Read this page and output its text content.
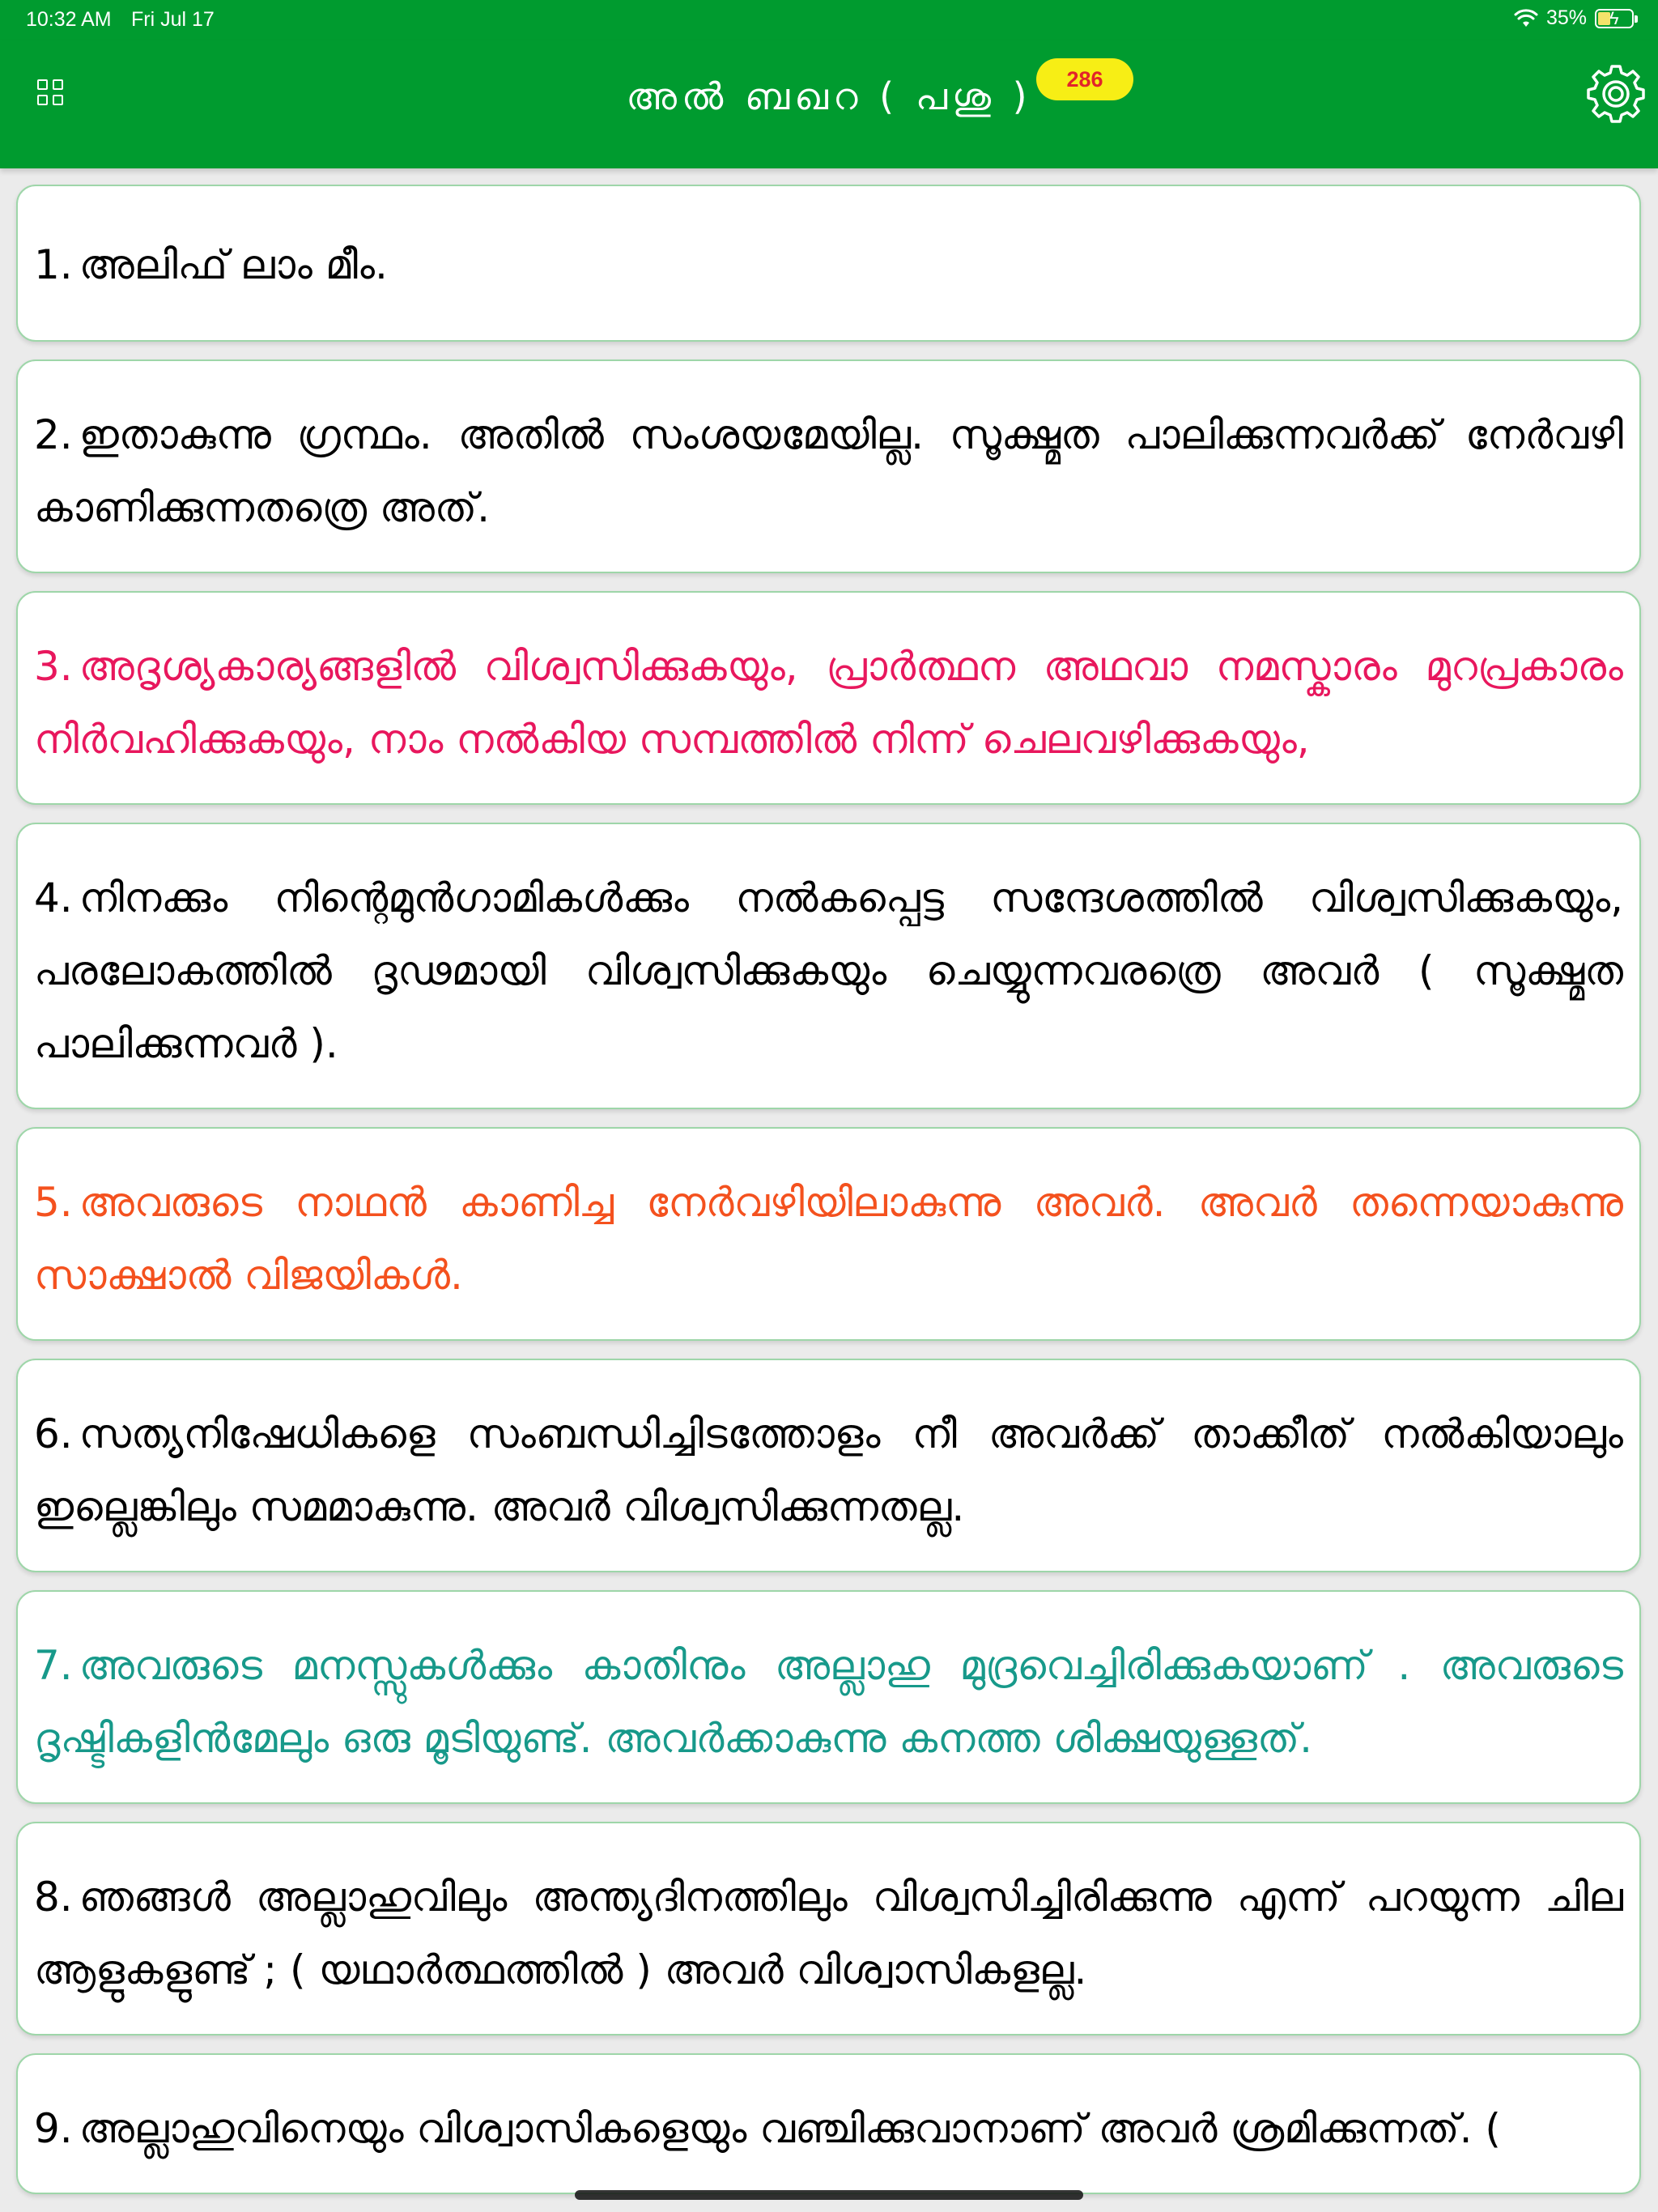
10:32 AM Fri Jul 17	35% ϟ
അൽ ബഖറ ( പശു )	286
1. അലിഫ് ലാം മീം.
2. ഇതാകുന്നു ഗ്രന്ഥം. അതിൽ സംശയമേയില്ല. സൂക്ഷ്മത പാലിക്കുന്നവർക്ക് നേർവഴി കാണിക്കുന്നതത്രെ അത്.
3. അദൃശ്യകാര്യങ്ങളിൽ വിശ്വസിക്കുകയും, പ്രാർത്ഥന അഥവാ നമസ്കാരം മുറപ്രകാരം നിർവഹിക്കുകയും, നാം നൽകിയ സമ്പത്തിൽ നിന്ന് ചെലവഴിക്കുകയും,
4. നിനക്കും നിന്റെമുൻഗാമികൾക്കും നൽകപ്പെട്ട സന്ദേശത്തിൽ വിശ്വസിക്കുകയും, പരലോകത്തിൽ ദൃഢമായി വിശ്വസിക്കുകയും ചെയ്യുന്നവരത്രെ അവർ ( സൂക്ഷ്മത പാലിക്കുന്നവർ ).
5. അവരുടെ നാഥൻ കാണിച്ച നേർവഴിയിലാകുന്നു അവർ. അവർ തന്നെയാകുന്നു സാക്ഷാൽ വിജയികൾ.
6. സത്യനിഷേധികളെ സംബന്ധിച്ചിടത്തോളം നീ അവർക്ക് താക്കീത് നൽകിയാലും ഇല്ലെങ്കിലും സമമാകുന്നു. അവർ വിശ്വസിക്കുന്നതല്ല.
7. അവരുടെ മനസ്സുകൾക്കും കാതിനും അല്ലാഹു മുദ്രവെച്ചിരിക്കുകയാണ് . അവരുടെ ദൃഷ്ടികളിൻമേലും ഒരു മൂടിയുണ്ട്. അവർക്കാകുന്നു കനത്ത ശിക്ഷയുള്ളത്.
8. ഞങ്ങൾ അല്ലാഹുവിലും അന്ത്യദിനത്തിലും വിശ്വസിച്ചിരിക്കുന്നു എന്ന് പറയുന്ന ചില ആളുകളുണ്ട് ; ( യഥാർത്ഥത്തിൽ ) അവർ വിശ്വാസികളല്ല.
9. അല്ലാഹുവിനെയും വിശ്വാസികളെയും വഞ്ചിക്കുവാനാണ് അവർ ശ്രമിക്കുന്നത്. (
